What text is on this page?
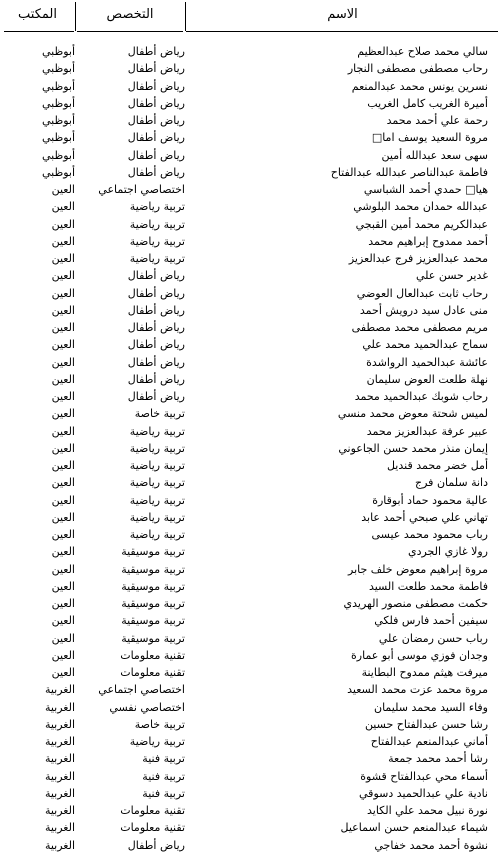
الاسم
التخصص
المكتب
سالي محمد صلاح عبدالعظيم
رياض أطفال
أبوظبي
رحاب مصطفى مصطفى النجار
رياض أطفال
أبوظبي
نسرين يونس محمد عبدالمنعم
رياض أطفال
أبوظبي
أميرة الغريب كامل الغريب
رياض أطفال
أبوظبي
رحمة علي أحمد محمد
رياض أطفال
أبوظبي
مروة السعيد يوسف اما□
رياض أطفال
أبوظبي
سهى سعد عبدالله أمين
رياض أطفال
أبوظبي
فاطمة عبدالناصر عبدالله عبدالفتاح
رياض أطفال
أبوظبي
هيا□ حمدي أحمد الشباسي
اختصاصي اجتماعي
العين
عبدالله حمدان محمد البلوشي
تربية رياضية
العين
عبدالكريم محمد أمين القبجي
تربية رياضية
العين
أحمد ممدوح إبراهيم محمد
تربية رياضية
العين
محمد عبدالعزيز فرج عبدالعزيز
تربية رياضية
العين
غدير حسن علي
رياض أطفال
العين
رحاب ثابت عبدالعال العوضي
رياض أطفال
العين
منى عادل سيد درويش أحمد
رياض أطفال
العين
مريم مصطفى محمد مصطفى
رياض أطفال
العين
سماح عبدالحميد محمد علي
رياض أطفال
العين
عائشة عبدالحميد الرواشدة
رياض أطفال
العين
نهلة طلعت العوض سليمان
رياض أطفال
العين
رحاب شوبك عبدالحميد محمد
رياض أطفال
العين
لميس شحتة معوض محمد منسي
تربية خاصة
العين
عبير عرفة عبدالعزيز محمد
تربية رياضية
العين
إيمان منذر محمد حسن الجاعوني
تربية رياضية
العين
أمل خضر محمد قنديل
تربية رياضية
العين
دانة سلمان فرج
تربية رياضية
العين
عالية محمود حماد أبوقارة
تربية رياضية
العين
تهاني علي صبحي أحمد عابد
تربية رياضية
العين
رباب محمود محمد عيسى
تربية رياضية
العين
رولا غازي الجردي
تربية موسيقية
العين
مروة إبراهيم معوض خلف جابر
تربية موسيقية
العين
فاطمة محمد طلعت السيد
تربية موسيقية
العين
حكمت مصطفى منصور الهريدي
تربية موسيقية
العين
سيفين أحمد فارس فلكي
تربية موسيقية
العين
رباب حسن رمضان علي
تربية موسيقية
العين
وجدان فوزي موسى أبو عمارة
تقنية معلومات
العين
ميرفت هيثم ممدوح البطاينة
تقنية معلومات
العين
مروة محمد عزت محمد السعيد
اختصاصي اجتماعي
الغربية
وفاء السيد محمد سليمان
اختصاصي نفسي
الغربية
رشا حسن عبدالفتاح حسين
تربية خاصة
الغربية
أماني عبدالمنعم عبدالفتاح
تربية رياضية
الغربية
رشا أحمد محمد جمعة
تربية فنية
الغربية
أسماء محي عبدالفتاح قشوة
تربية فنية
الغربية
نادية علي عبدالحميد دسوقي
تربية فنية
الغربية
نورة نبيل محمد علي الكايد
تقنية معلومات
الغربية
شيماء عبدالمنعم حسن اسماعيل
تقنية معلومات
الغربية
نشوة أحمد محمد خفاجي
رياض أطفال
الغربية
